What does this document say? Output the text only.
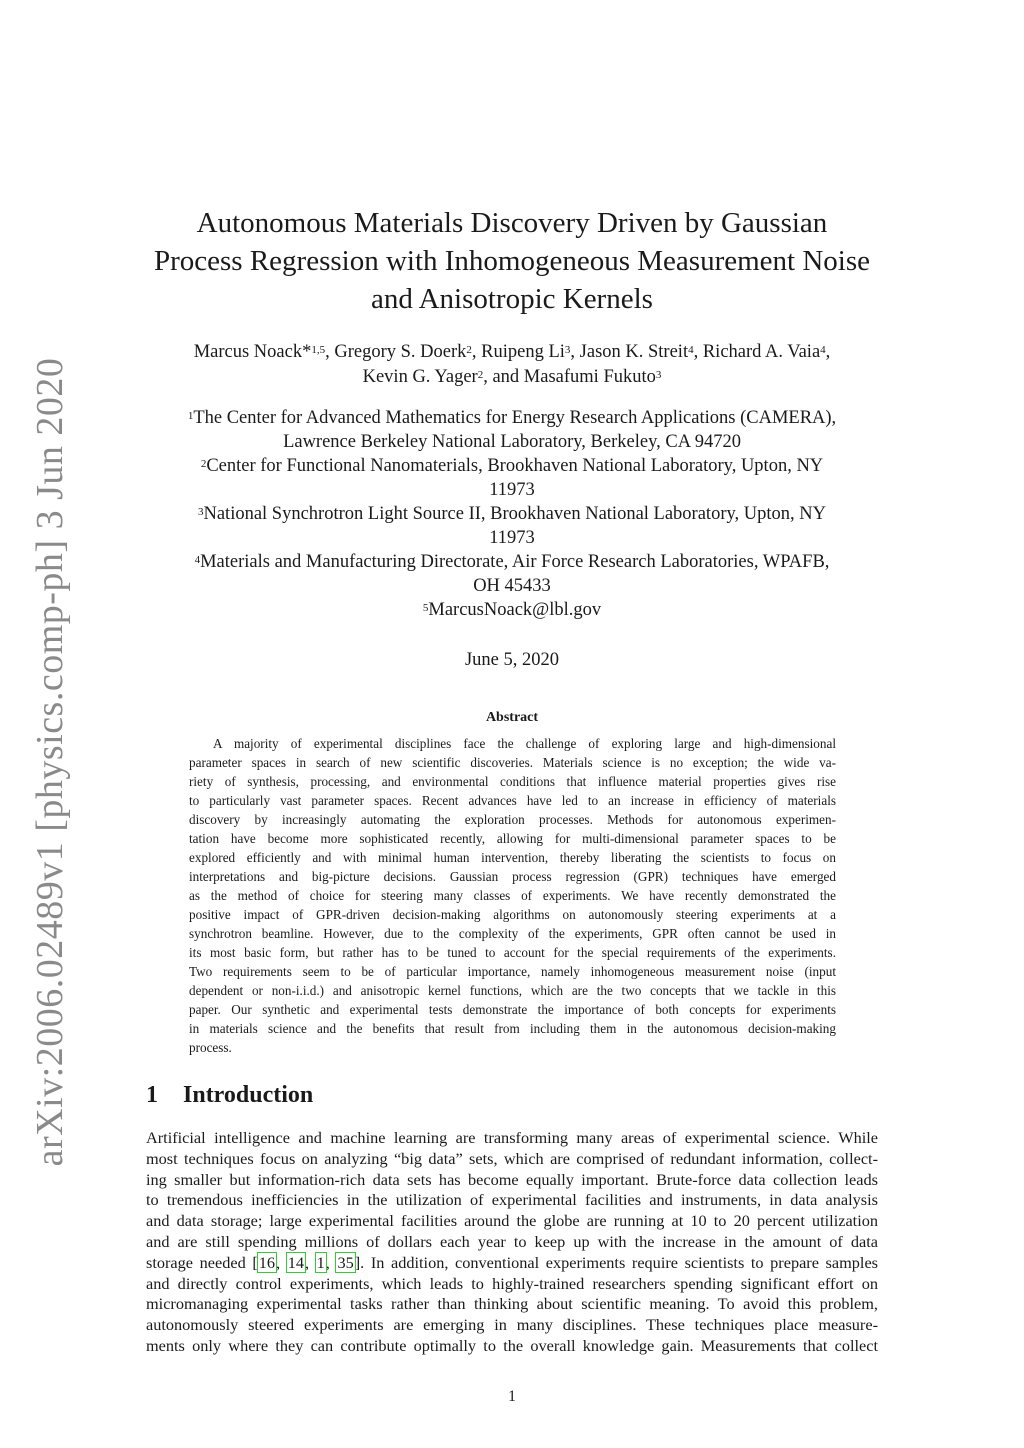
arXiv:2006.02489v1 [physics.comp-ph] 3 Jun 2020
Autonomous Materials Discovery Driven by Gaussian
Process Regression with Inhomogeneous Measurement Noise
and Anisotropic Kernels
Marcus Noack*$^{1,5}$, Gregory S. Doerk$^2$, Ruipeng Li$^3$, Jason K. Streit$^4$, Richard A. Vaia$^4$,
Kevin G. Yager$^2$, and Masafumi Fukuto$^3$
$^1$The Center for Advanced Mathematics for Energy Research Applications (CAMERA),
Lawrence Berkeley National Laboratory, Berkeley, CA 94720
$^2$Center for Functional Nanomaterials, Brookhaven National Laboratory, Upton, NY
11973
$^3$National Synchrotron Light Source II, Brookhaven National Laboratory, Upton, NY
11973
$^4$Materials and Manufacturing Directorate, Air Force Research Laboratories, WPAFB,
OH 45433
$^5$MarcusNoack@lbl.gov
June 5, 2020
Abstract
A majority of experimental disciplines face the challenge of exploring large and high-dimensional
parameter spaces in search of new scientific discoveries. Materials science is no exception; the wide va-
riety of synthesis, processing, and environmental conditions that influence material properties gives rise
to particularly vast parameter spaces. Recent advances have led to an increase in efficiency of materials
discovery by increasingly automating the exploration processes. Methods for autonomous experimen-
tation have become more sophisticated recently, allowing for multi-dimensional parameter spaces to be
explored efficiently and with minimal human intervention, thereby liberating the scientists to focus on
interpretations and big-picture decisions. Gaussian process regression (GPR) techniques have emerged
as the method of choice for steering many classes of experiments. We have recently demonstrated the
positive impact of GPR-driven decision-making algorithms on autonomously steering experiments at a
synchrotron beamline. However, due to the complexity of the experiments, GPR often cannot be used in
its most basic form, but rather has to be tuned to account for the special requirements of the experiments.
Two requirements seem to be of particular importance, namely inhomogeneous measurement noise (input
dependent or non-i.i.d.) and anisotropic kernel functions, which are the two concepts that we tackle in this
paper. Our synthetic and experimental tests demonstrate the importance of both concepts for experiments
in materials science and the benefits that result from including them in the autonomous decision-making
process.
1 Introduction
Artificial intelligence and machine learning are transforming many areas of experimental science. While
most techniques focus on analyzing “big data” sets, which are comprised of redundant information, collect-
ing smaller but information-rich data sets has become equally important. Brute-force data collection leads
to tremendous inefficiencies in the utilization of experimental facilities and instruments, in data analysis
and data storage; large experimental facilities around the globe are running at 10 to 20 percent utilization
and are still spending millions of dollars each year to keep up with the increase in the amount of data
storage needed [16, 14, 1, 35]. In addition, conventional experiments require scientists to prepare samples
and directly control experiments, which leads to highly-trained researchers spending significant effort on
micromanaging experimental tasks rather than thinking about scientific meaning. To avoid this problem,
autonomously steered experiments are emerging in many disciplines. These techniques place measure-
ments only where they can contribute optimally to the overall knowledge gain. Measurements that collect
1
